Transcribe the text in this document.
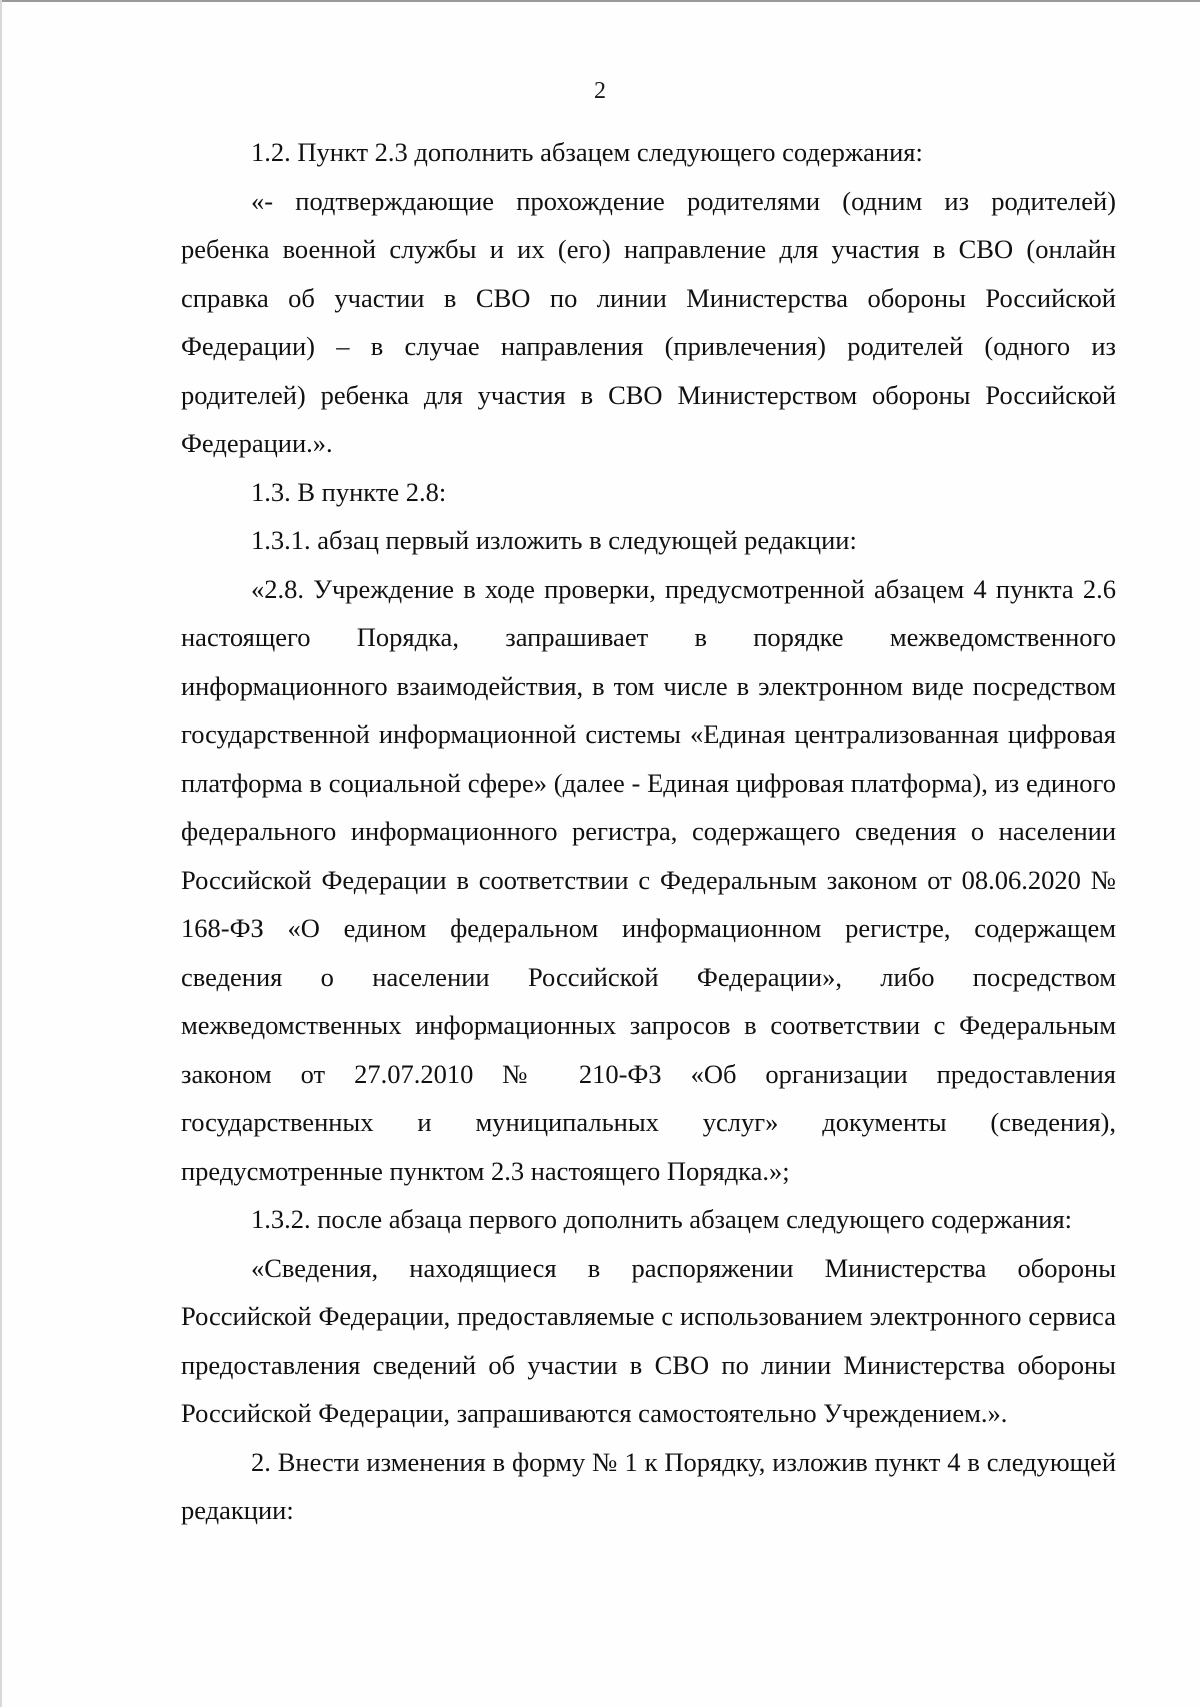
2

1.2. Пункт 2.3 дополнить абзацем следующего содержания:

«- подтверждающие прохождение родителями (одним из родителей) ребенка военной службы и их (его) направление для участия в СВО (онлайн справка об участии в СВО по линии Министерства обороны Российской Федерации) – в случае направления (привлечения) родителей (одного из родителей) ребенка для участия в СВО Министерством обороны Российской Федерации.».

1.3. В пункте 2.8:

1.3.1. абзац первый изложить в следующей редакции:

«2.8. Учреждение в ходе проверки, предусмотренной абзацем 4 пункта 2.6 настоящего Порядка, запрашивает в порядке межведомственного информационного взаимодействия, в том числе в электронном виде посредством государственной информационной системы «Единая централизованная цифровая платформа в социальной сфере» (далее - Единая цифровая платформа), из единого федерального информационного регистра, содержащего сведения о населении Российской Федерации в соответствии с Федеральным законом от 08.06.2020 № 168-ФЗ «О едином федеральном информационном регистре, содержащем сведения о населении Российской Федерации», либо посредством межведомственных информационных запросов в соответствии с Федеральным законом от 27.07.2010 № 210-ФЗ «Об организации предоставления государственных и муниципальных услуг» документы (сведения), предусмотренные пунктом 2.3 настоящего Порядка.»;

1.3.2. после абзаца первого дополнить абзацем следующего содержания:

«Сведения, находящиеся в распоряжении Министерства обороны Российской Федерации, предоставляемые с использованием электронного сервиса предоставления сведений об участии в СВО по линии Министерства обороны Российской Федерации, запрашиваются самостоятельно Учреждением.».

2. Внести изменения в форму № 1 к Порядку, изложив пункт 4 в следующей редакции:
